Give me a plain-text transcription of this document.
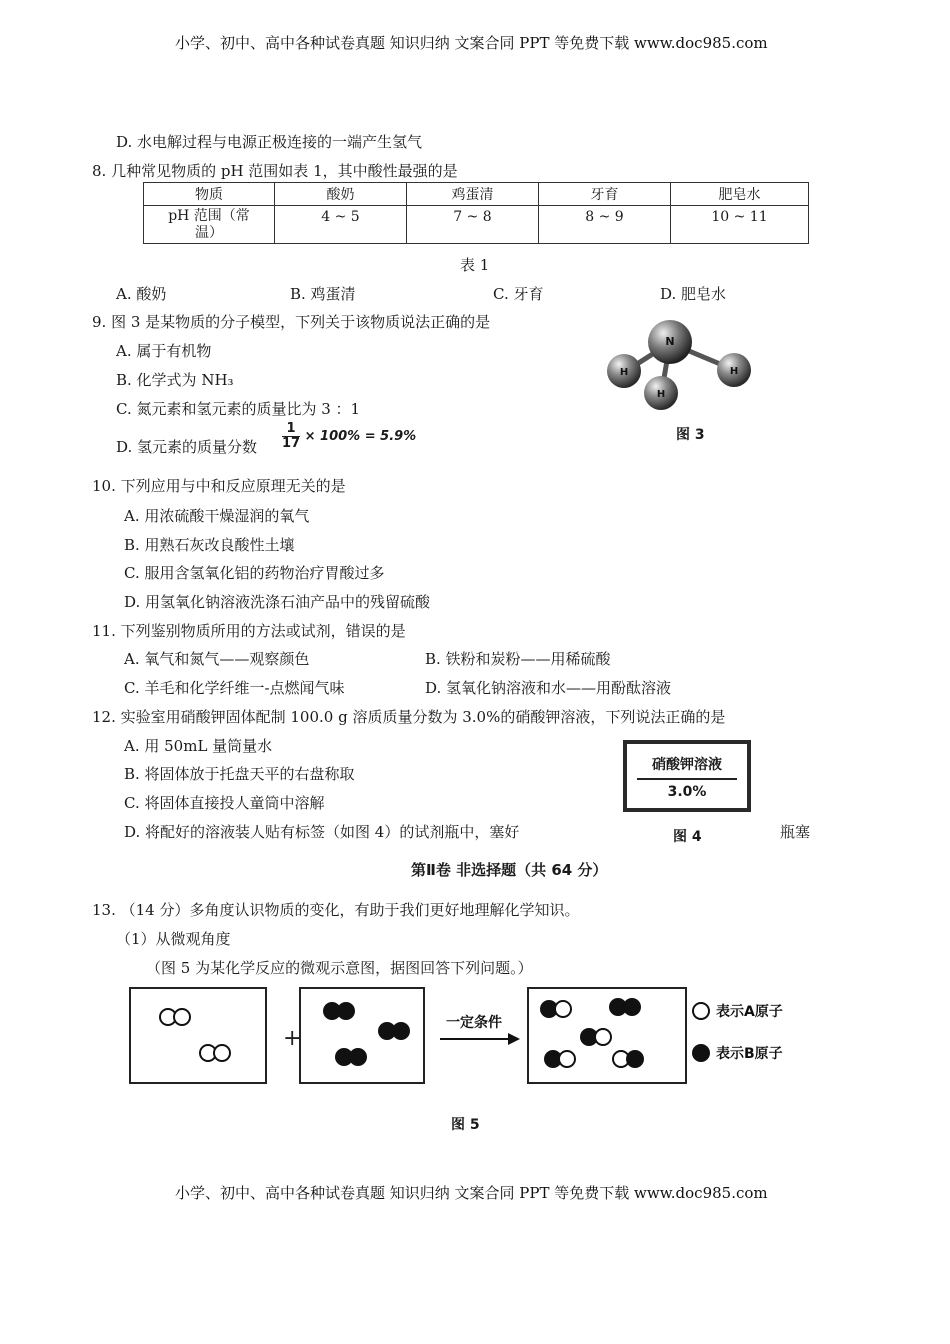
小学、初中、高中各种试卷真题 知识归纳 文案合同 PPT 等免费下载 www.doc985.com
小学、初中、高中各种试卷真题 知识归纳 文案合同 PPT 等免费下载 www.doc985.com
D. 水电解过程与电源正极连接的一端产生氢气
8. 几种常见物质的 pH 范围如表 1，其中酸性最强的是
物质	酸奶	鸡蛋清	牙育	肥皂水

pH 范围（常
温）	4 ~ 5	7 ~ 8	8 ~ 9	10 ~ 11
表 1
A. 酸奶	B. 鸡蛋清	C. 牙育	D. 肥皂水
9. 图 3 是某物质的分子模型，下列关于该物质说法正确的是
A. 属于有机物
B. 化学式为 NH₃
C. 氮元素和氢元素的质量比为 3 ：1
D. 氢元素的质量分数 $\frac{1}{17} \times 100\% = 5.9\%$
N
H	H
H
图 3
10. 下列应用与中和反应原理无关的是
A. 用浓硫酸干燥湿润的氧气
B. 用熟石灰改良酸性土壤
C. 服用含氢氧化铝的药物治疗胃酸过多
D. 用氢氧化钠溶液洗涤石油产品中的残留硫酸
11. 下列鉴别物质所用的方法或试剂，错误的是
A. 氧气和氮气——观察颜色	B. 铁粉和炭粉——用稀硫酸
C. 羊毛和化学纤维一-点燃闻气味	D. 氢氧化钠溶液和水——用酚酞溶液
12. 实验室用硝酸钾固体配制 100.0 g 溶质质量分数为 3.0%的硝酸钾溶液，下列说法正确的是
A. 用 50mL 量筒量水
B. 将固体放于托盘天平的右盘称取
C. 将固体直接投人童筒中溶解
D. 将配好的溶液装人贴有标签（如图 4）的试剂瓶中，塞好	瓶塞
硝酸钾溶液
3.0%
图 4
第Ⅱ卷 非选择题（共 64 分）
13. （14 分）多角度认识物质的变化，有助于我们更好地理解化学知识。
（1）从微观角度
（图 5 为某化学反应的微观示意图，据图回答下列问题。）
+
一定条件
表示A原子
表示B原子
图 5
